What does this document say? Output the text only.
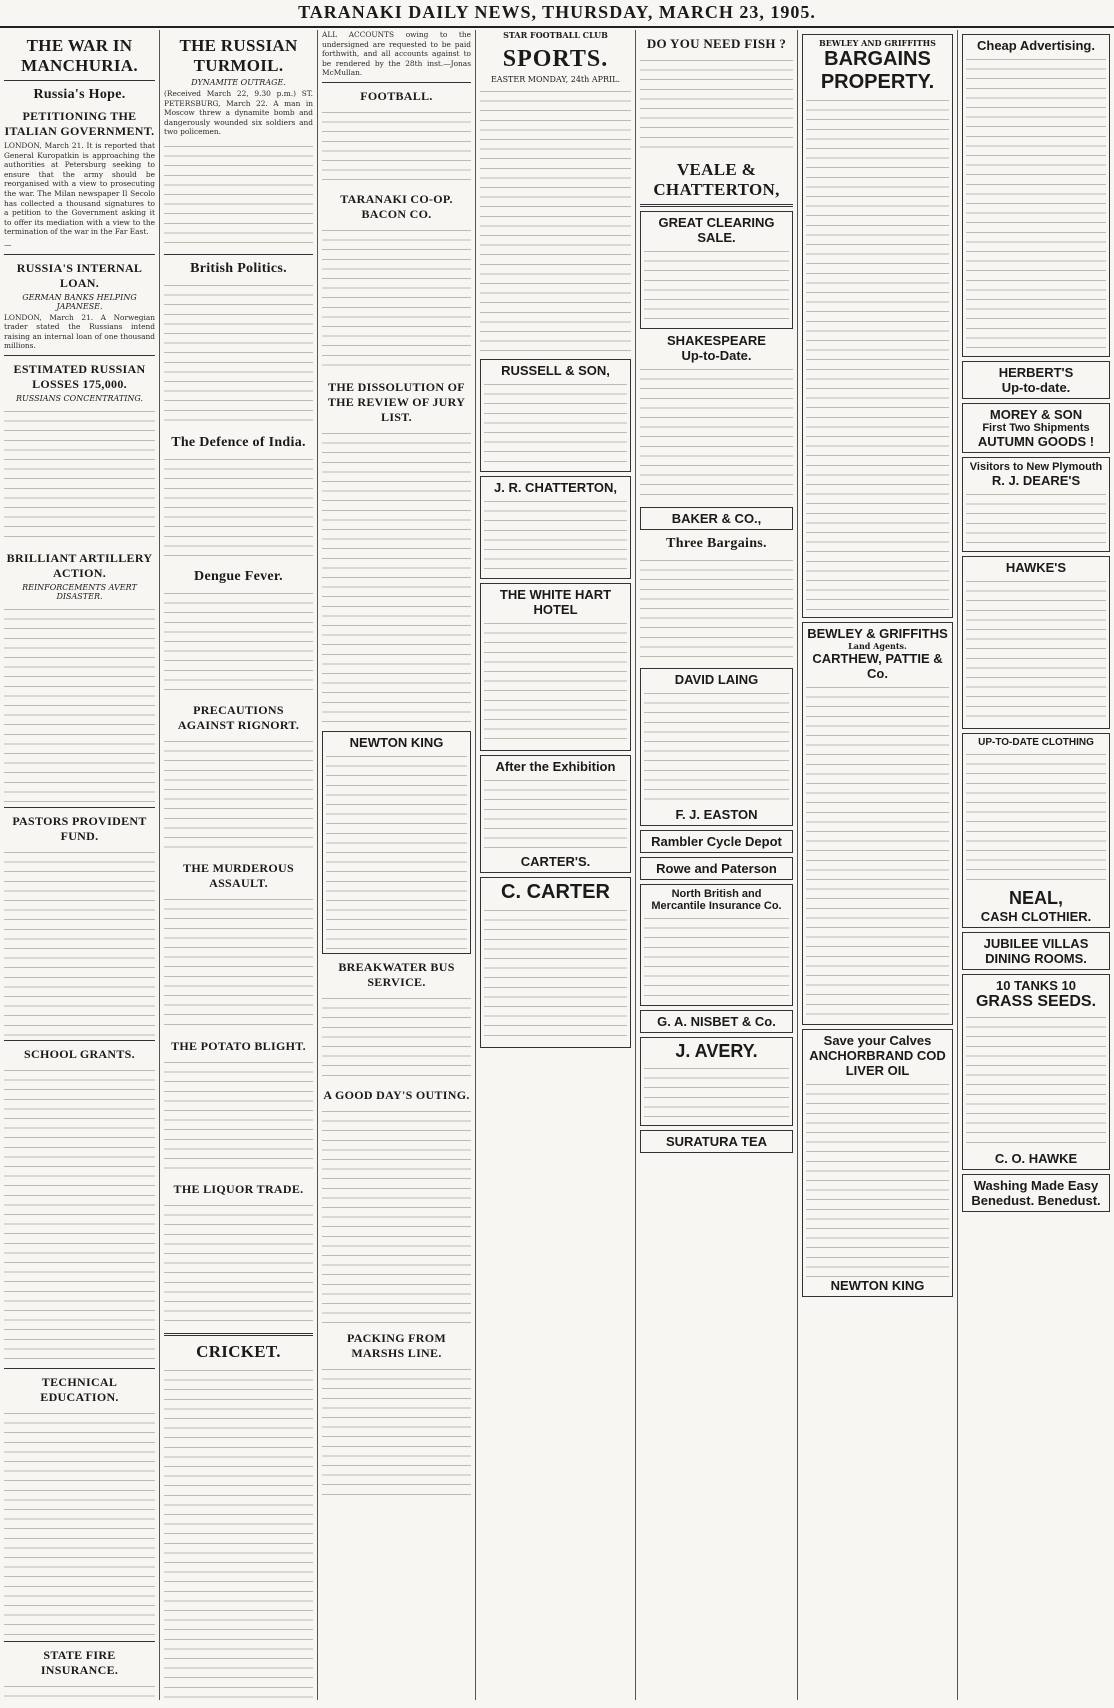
TARANAKI DAILY NEWS, THURSDAY, MARCH 23, 1905.
THE WAR IN MANCHURIA.
Russia's Hope.
PETITIONING THE ITALIAN GOVERNMENT.

LONDON, March 21. It is reported that General Kuropatkin is approaching the authorities at Petersburg seeking to ensure that the army should be reorganised with a view to prosecuting the war. The Milan newspaper Il Secolo has collected a thousand signatures to a petition to the Government asking it to offer its mediation with a view to the termination of the war in the Far East.

—

RUSSIA'S INTERNAL LOAN.
GERMAN BANKS HELPING JAPANESE.

LONDON, March 21. A Norwegian trader stated the Russians intend raising an internal loan of one thousand millions.

ESTIMATED RUSSIAN LOSSES 175,000.
RUSSIANS CONCENTRATING.
BRILLIANT ARTILLERY ACTION.
REINFORCEMENTS AVERT DISASTER.
PASTORS PROVIDENT FUND.
SCHOOL GRANTS.
TECHNICAL EDUCATION.
STATE FIRE INSURANCE.
THE RUSSIAN TURMOIL.
DYNAMITE OUTRAGE.

(Received March 22, 9.30 p.m.) ST. PETERSBURG, March 22. A man in Moscow threw a dynamite bomb and dangerously wounded six soldiers and two policemen.

British Politics.
The Defence of India.
Dengue Fever.
PRECAUTIONS AGAINST RIGNORT.
THE MURDEROUS ASSAULT.
THE POTATO BLIGHT.
THE LIQUOR TRADE.
CRICKET.

ALL ACCOUNTS owing to the undersigned are requested to be paid forthwith, and all accounts against to be rendered by the 28th inst.—Jonas McMullan.

FOOTBALL.
TARANAKI CO-OP. BACON CO.
THE DISSOLUTION OF THE REVIEW OF JURY LIST.
NEWTON KING
BREAKWATER BUS SERVICE.
A GOOD DAY'S OUTING.
PACKING FROM MARSHS LINE.
STAR FOOTBALL CLUB
SPORTS.
EASTER MONDAY, 24th APRIL.
RUSSELL & SON,
J. R. CHATTERTON,
THE WHITE HART HOTEL
After the Exhibition
CARTER'S.
C. CARTER
DO YOU NEED FISH ?
VEALE & CHATTERTON,
GREAT CLEARING SALE.
SHAKESPEARE
Up-to-Date.
BAKER & CO.,
Three Bargains.
DAVID LAING
F. J. EASTON
Rambler Cycle Depot
Rowe and Paterson
North British and Mercantile Insurance Co.
G. A. NISBET & Co.
J. AVERY.
SURATURA TEA
BEWLEY AND GRIFFITHS
BARGAINS
PROPERTY.
BEWLEY & GRIFFITHS
Land Agents.
CARTHEW, PATTIE & Co.
Save your Calves
ANCHORBRAND COD LIVER OIL
NEWTON KING
Cheap Advertising.
HERBERT'S
Up-to-date.
MOREY & SON
First Two Shipments
AUTUMN GOODS !
Visitors to New Plymouth
R. J. DEARE'S
HAWKE'S
UP-TO-DATE CLOTHING
NEAL,
CASH CLOTHIER.
JUBILEE VILLAS
DINING ROOMS.
10 TANKS 10
GRASS SEEDS.
C. O. HAWKE
Washing Made Easy
Benedust. Benedust.
